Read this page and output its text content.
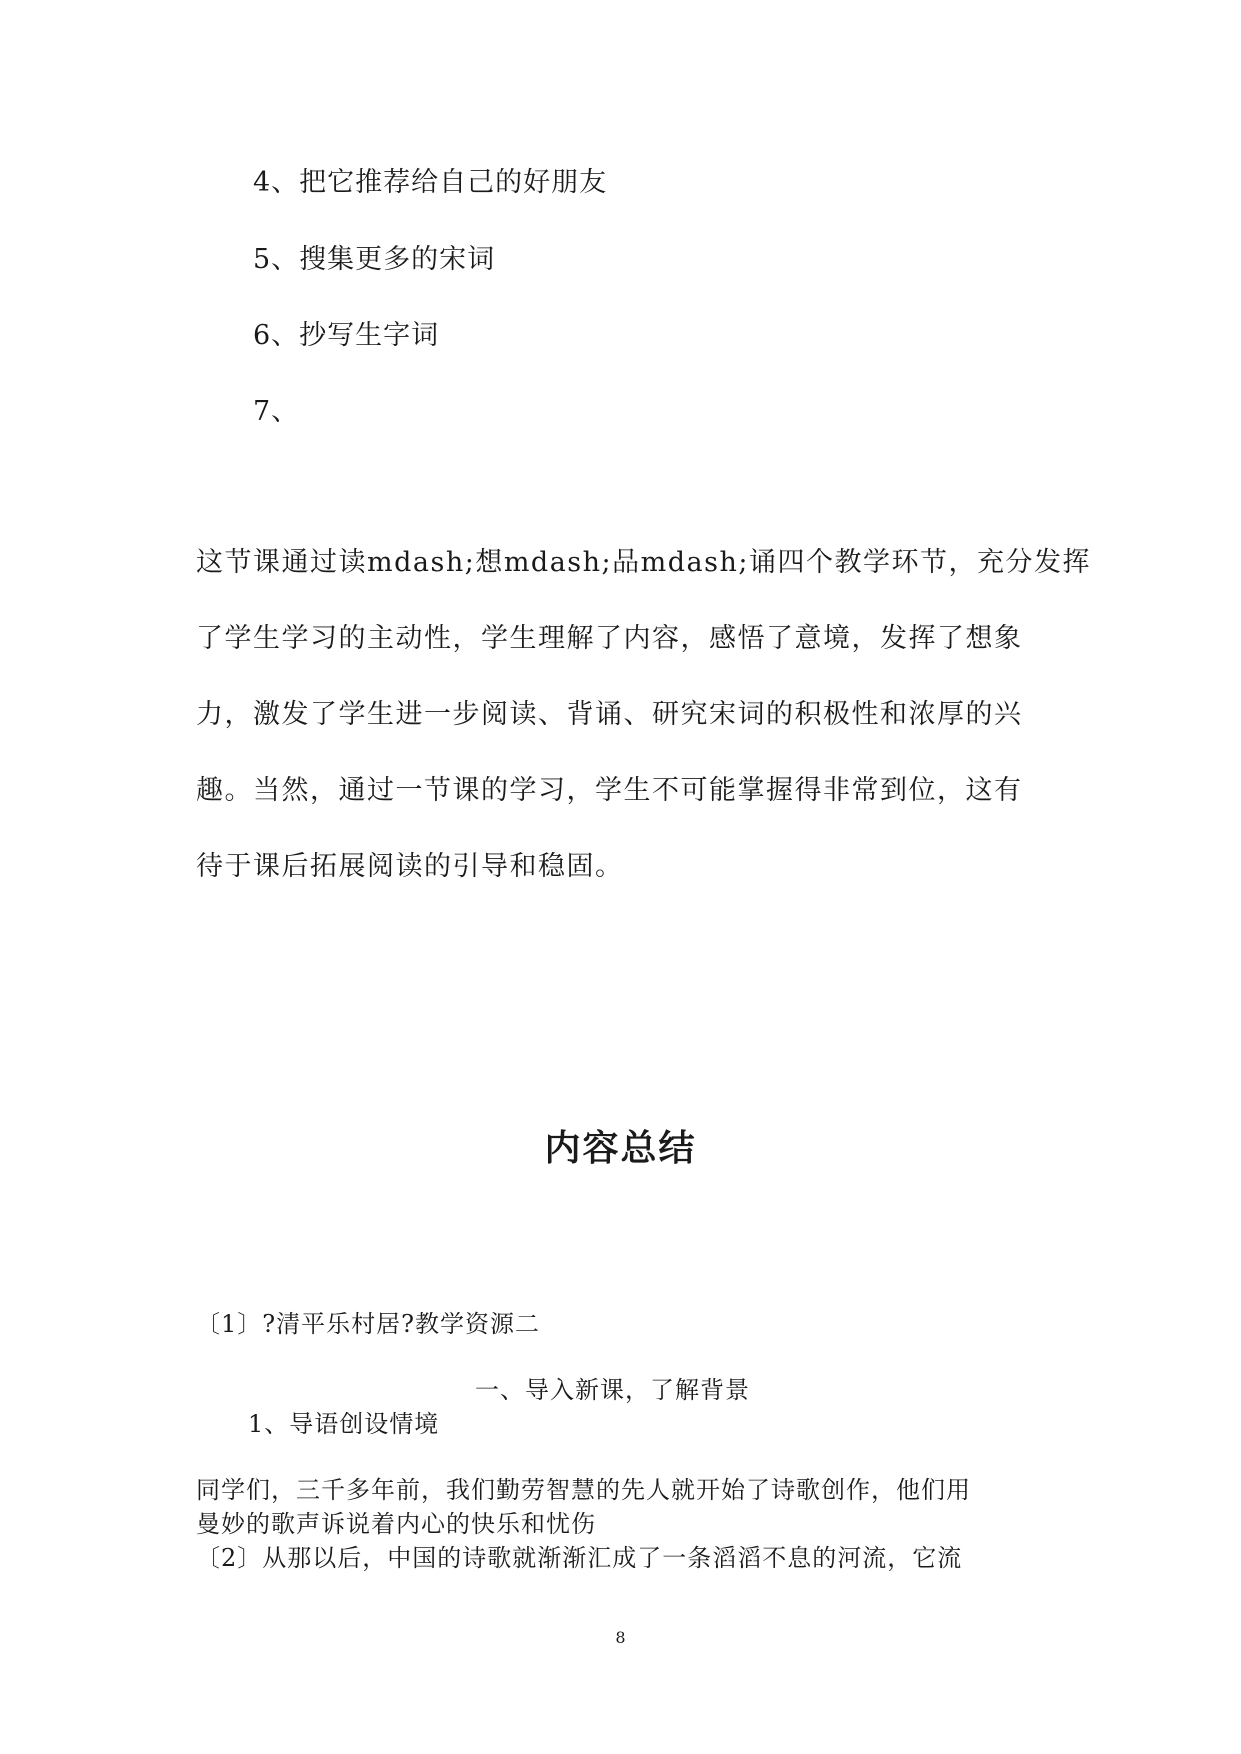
4、把它推荐给自己的好朋友

5、搜集更多的宋词

6、抄写生字词

7、

这节课通过读mdash;想mdash;品mdash;诵四个教学环节，充分发挥

了学生学习的主动性，学生理解了内容，感悟了意境，发挥了想象

力，激发了学生进一步阅读、背诵、研究宋词的积极性和浓厚的兴

趣。当然，通过一节课的学习，学生不可能掌握得非常到位，这有

待于课后拓展阅读的引导和稳固。

内容总结

〔1〕?清平乐村居?教学资源二

一、导入新课，了解背景

1、导语创设情境

同学们，三千多年前，我们勤劳智慧的先人就开始了诗歌创作，他们用

曼妙的歌声诉说着内心的快乐和忧伤

〔2〕从那以后，中国的诗歌就渐渐汇成了一条滔滔不息的河流，它流

8
